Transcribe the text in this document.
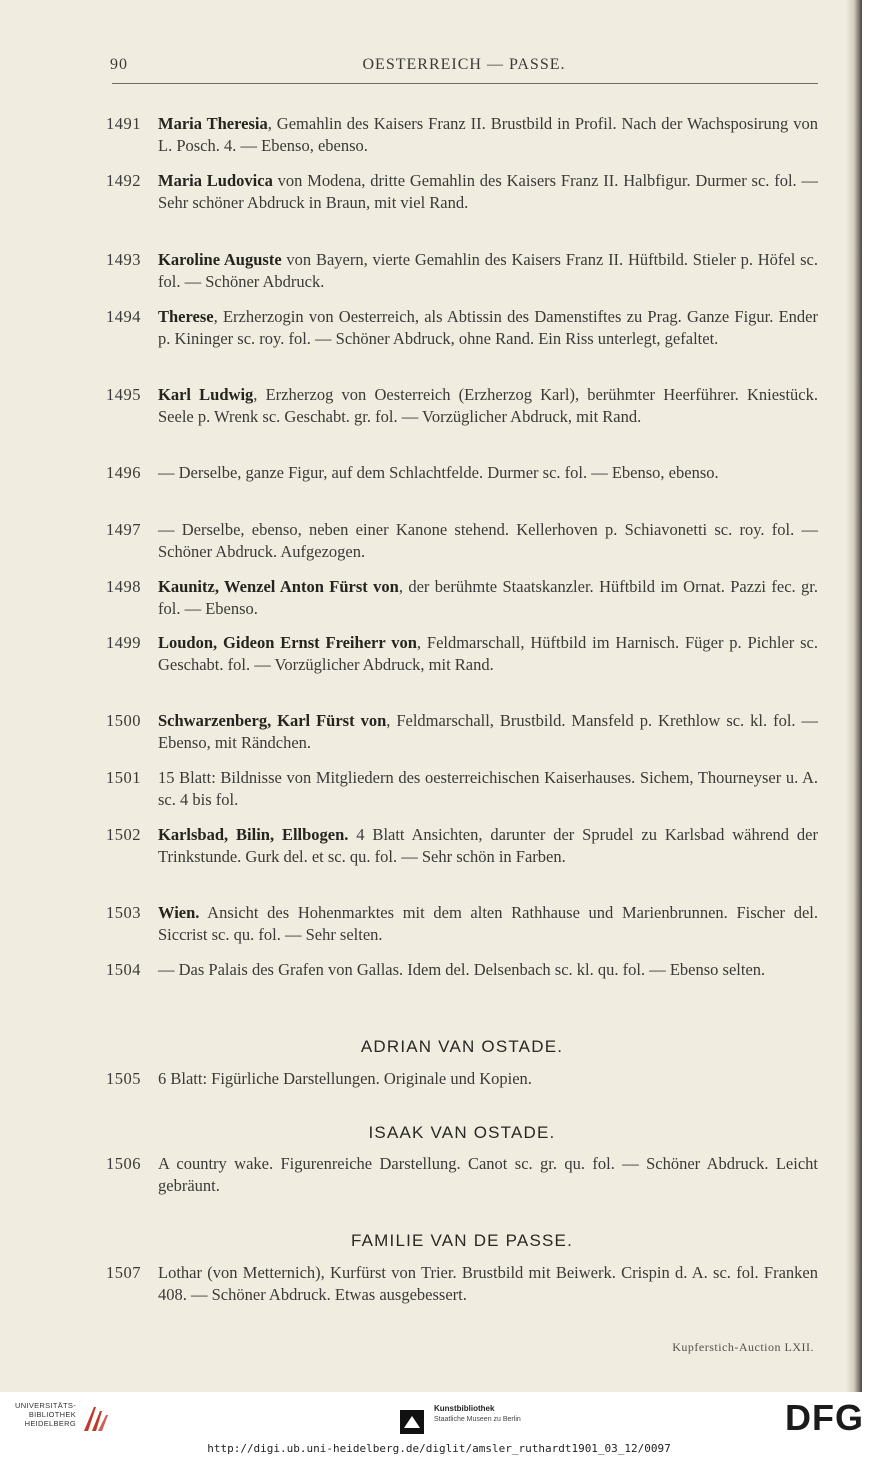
90	OESTERREICH — PASSE.
1491	Maria Theresia, Gemahlin des Kaisers Franz II. Brustbild in Profil. Nach der Wachsposirung von L. Posch. 4. — Ebenso, ebenso.
1492	Maria Ludovica von Modena, dritte Gemahlin des Kaisers Franz II. Halbfigur. Durmer sc. fol. — Sehr schöner Abdruck in Braun, mit viel Rand.
1493	Karoline Auguste von Bayern, vierte Gemahlin des Kaisers Franz II. Hüftbild. Stieler p. Höfel sc. fol. — Schöner Abdruck.
1494	Therese, Erzherzogin von Oesterreich, als Abtissin des Damenstiftes zu Prag. Ganze Figur. Ender p. Kininger sc. roy. fol. — Schöner Abdruck, ohne Rand. Ein Riss unterlegt, gefaltet.
1495	Karl Ludwig, Erzherzog von Oesterreich (Erzherzog Karl), berühmter Heerführer. Kniestück. Seele p. Wrenk sc. Geschabt. gr. fol. — Vorzüglicher Abdruck, mit Rand.
1496	— Derselbe, ganze Figur, auf dem Schlachtfelde. Durmer sc. fol. — Ebenso, ebenso.
1497	— Derselbe, ebenso, neben einer Kanone stehend. Kellerhoven p. Schiavonetti sc. roy. fol. — Schöner Abdruck. Aufgezogen.
1498	Kaunitz, Wenzel Anton Fürst von, der berühmte Staatskanzler. Hüftbild im Ornat. Pazzi fec. gr. fol. — Ebenso.
1499	Loudon, Gideon Ernst Freiherr von, Feldmarschall, Hüftbild im Harnisch. Füger p. Pichler sc. Geschabt. fol. — Vorzüglicher Abdruck, mit Rand.
1500	Schwarzenberg, Karl Fürst von, Feldmarschall, Brustbild. Mansfeld p. Krethlow sc. kl. fol. — Ebenso, mit Rändchen.
1501	15 Blatt: Bildnisse von Mitgliedern des oesterreichischen Kaiserhauses. Sichem, Thourneyser u. A. sc. 4 bis fol.
1502	Karlsbad, Bilin, Ellbogen. 4 Blatt Ansichten, darunter der Sprudel zu Karlsbad während der Trinkstunde. Gurk del. et sc. qu. fol. — Sehr schön in Farben.
1503	Wien. Ansicht des Hohenmarktes mit dem alten Rathhause und Marienbrunnen. Fischer del. Siccrist sc. qu. fol. — Sehr selten.
1504	— Das Palais des Grafen von Gallas. Idem del. Delsenbach sc. kl. qu. fol. — Ebenso selten.
ADRIAN VAN OSTADE.
1505	6 Blatt: Figürliche Darstellungen. Originale und Kopien.
ISAAK VAN OSTADE.
1506	A country wake. Figurenreiche Darstellung. Canot sc. gr. qu. fol. — Schöner Abdruck. Leicht gebräunt.
FAMILIE VAN DE PASSE.
1507	Lothar (von Metternich), Kurfürst von Trier. Brustbild mit Beiwerk. Crispin d. A. sc. fol. Franken 408. — Schöner Abdruck. Etwas ausgebessert.
Kupferstich-Auction LXII.
UNIVERSITÄTS- BIBLIOTHEK HEIDELBERG
Kunstbibliothek
Staatliche Museen zu Berlin	DFG
http://digi.ub.uni-heidelberg.de/diglit/amsler_ruthardt1901_03_12/0097
